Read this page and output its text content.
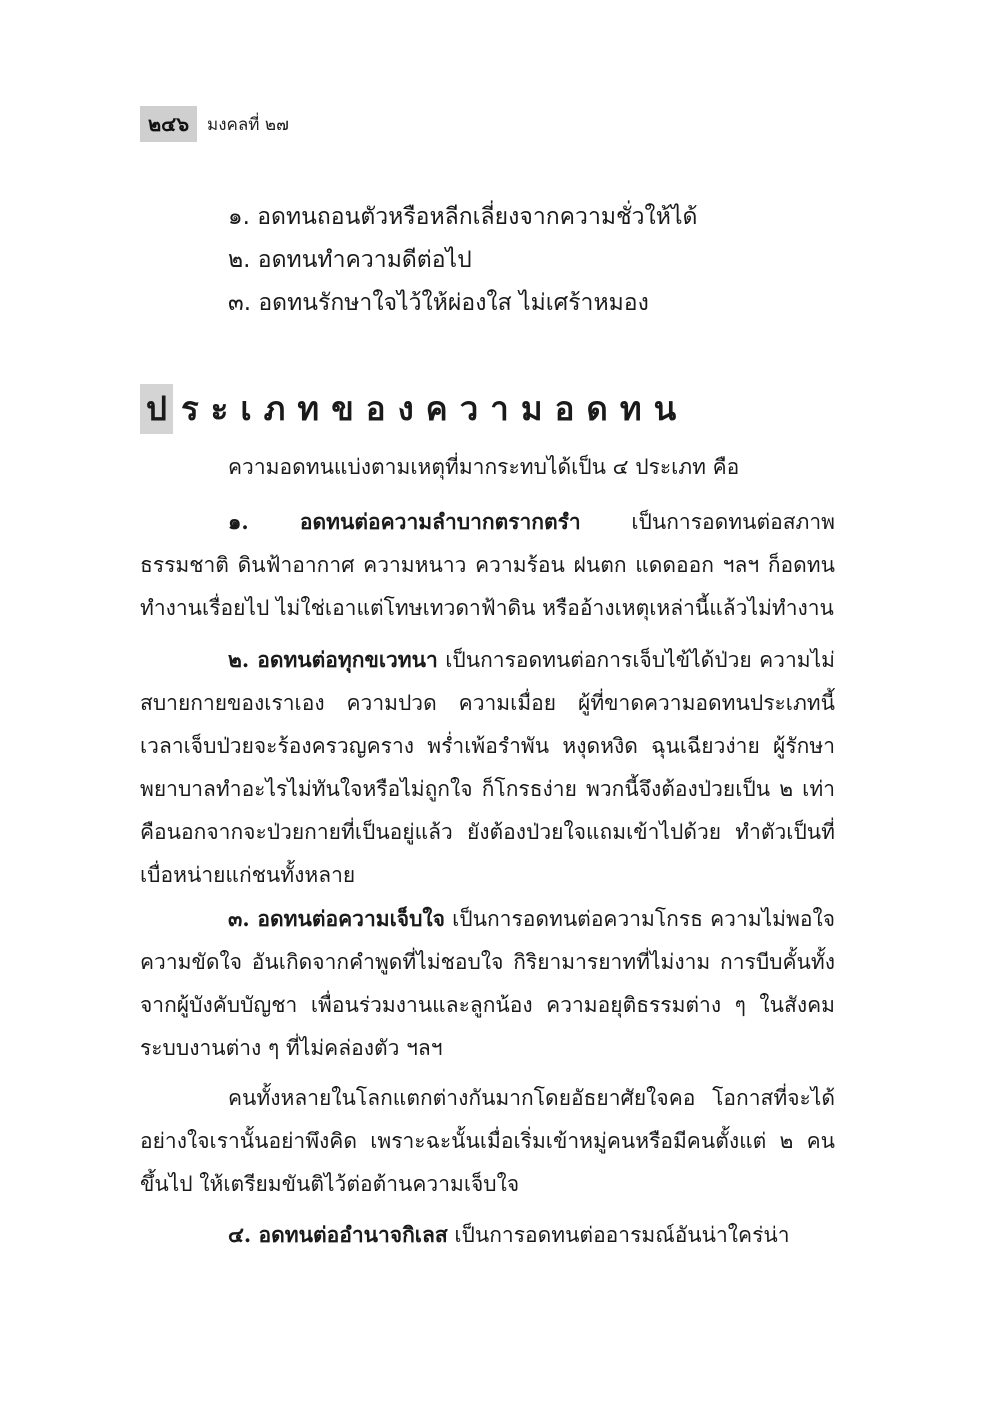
๒๔๖	มงคลที่ ๒๗
๑. อดทนถอนตัวหรือหลีกเลี่ยงจากความชั่วให้ได้
๒. อดทนทำความดีต่อไป
๓. อดทนรักษาใจไว้ให้ผ่องใส ไม่เศร้าหมอง
ป ระเภทของความอดทน

ความอดทนแบ่งตามเหตุที่มากระทบได้เป็น ๔ ประเภท คือ

๑. อดทนต่อความลำบากตรากตรำ เป็นการอดทนต่อสภาพธรรมชาติ ดินฟ้าอากาศ ความหนาว ความร้อน ฝนตก แดดออก ฯลฯ ก็อดทนทำงานเรื่อยไป ไม่ใช่เอาแต่โทษเทวดาฟ้าดิน หรืออ้างเหตุเหล่านี้แล้วไม่ทำงาน

๒. อดทนต่อทุกขเวทนา เป็นการอดทนต่อการเจ็บไข้ได้ป่วย ความไม่สบายกายของเราเอง ความปวด ความเมื่อย ผู้ที่ขาดความอดทนประเภทนี้ เวลาเจ็บป่วยจะร้องครวญคราง พร่ำเพ้อรำพัน หงุดหงิด ฉุนเฉียวง่าย ผู้รักษาพยาบาลทำอะไรไม่ทันใจหรือไม่ถูกใจ ก็โกรธง่าย พวกนี้จึงต้องป่วยเป็น ๒ เท่า คือนอกจากจะป่วยกายที่เป็นอยู่แล้ว ยังต้องป่วยใจแถมเข้าไปด้วย ทำตัวเป็นที่เบื่อหน่ายแก่ชนทั้งหลาย

๓. อดทนต่อความเจ็บใจ เป็นการอดทนต่อความโกรธ ความไม่พอใจ ความขัดใจ อันเกิดจากคำพูดที่ไม่ชอบใจ กิริยามารยาทที่ไม่งาม การบีบคั้นทั้งจากผู้บังคับบัญชา เพื่อนร่วมงานและลูกน้อง ความอยุติธรรมต่าง ๆ ในสังคม ระบบงานต่าง ๆ ที่ไม่คล่องตัว ฯลฯ

คนทั้งหลายในโลกแตกต่างกันมากโดยอัธยาศัยใจคอ โอกาสที่จะได้อย่างใจเรานั้นอย่าพึงคิด เพราะฉะนั้นเมื่อเริ่มเข้าหมู่คนหรือมีคนตั้งแต่ ๒ คนขึ้นไป ให้เตรียมขันติไว้ต่อต้านความเจ็บใจ

๔. อดทนต่ออำนาจกิเลส เป็นการอดทนต่ออารมณ์อันน่าใคร่น่า
